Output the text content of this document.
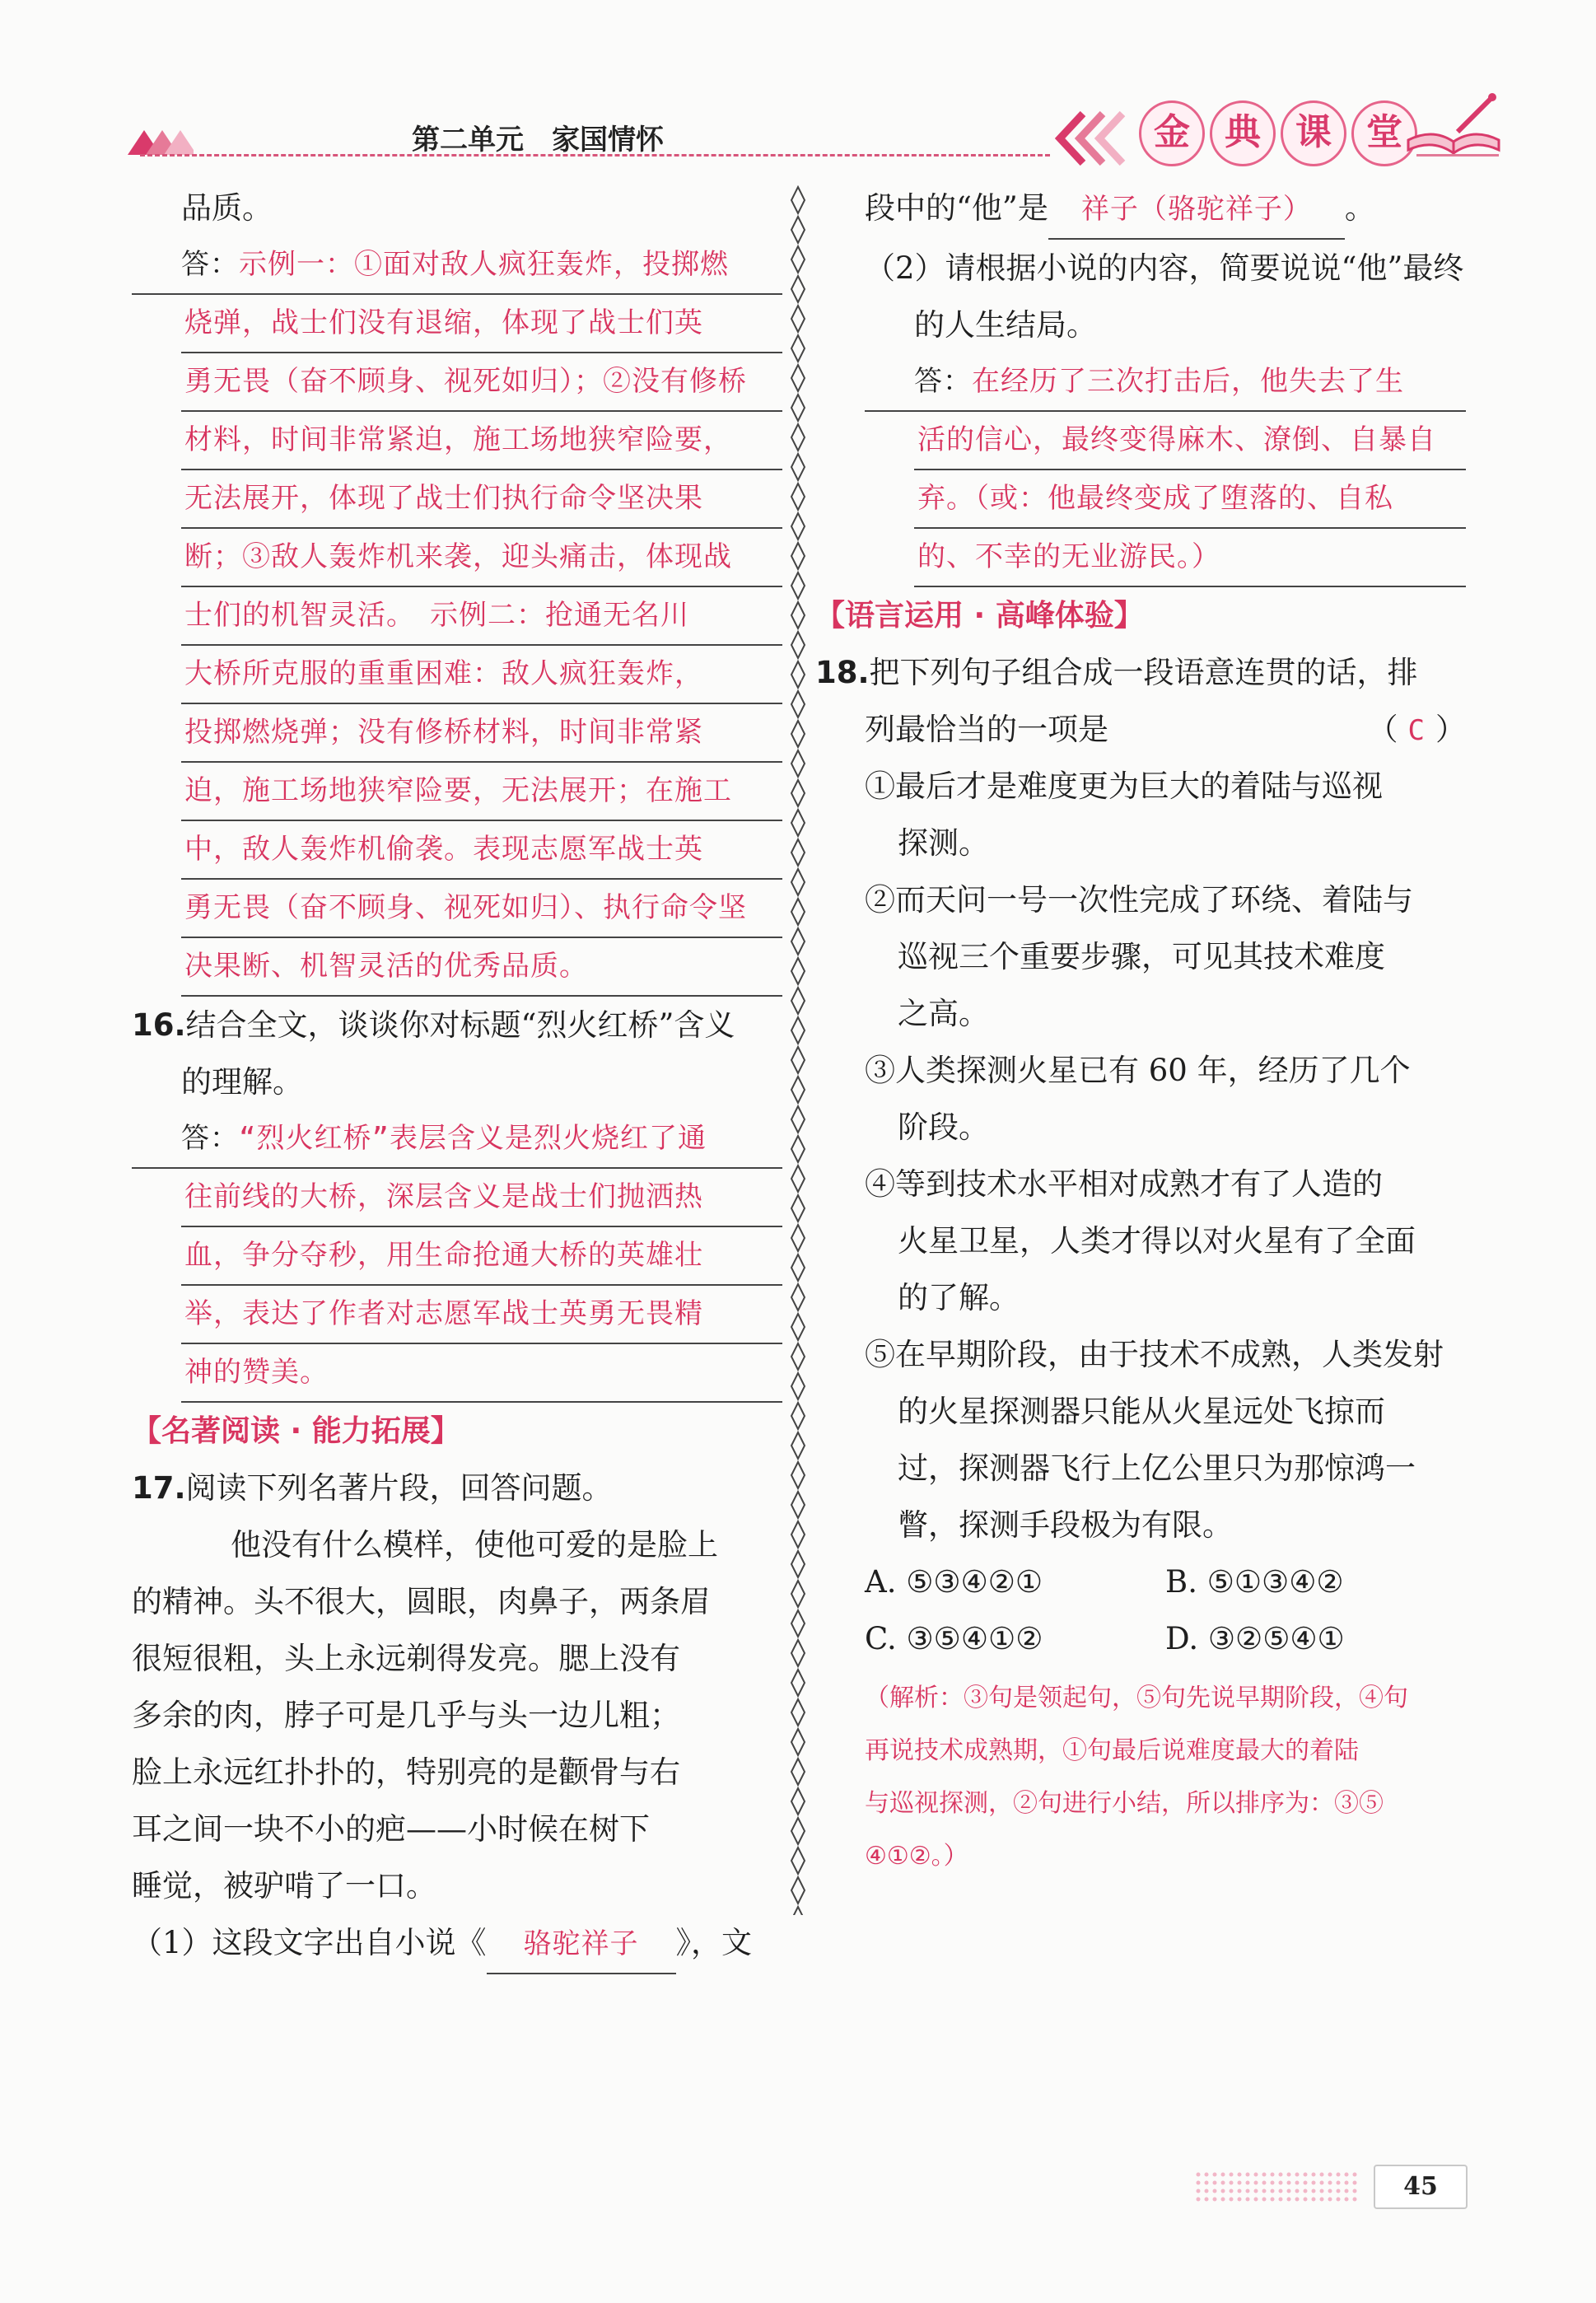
第二单元　家国情怀	金 典 课 堂

品质。

答：示例一：①面对敌人疯狂轰炸，投掷燃
烧弹，战士们没有退缩，体现了战士们英
勇无畏（奋不顾身、视死如归）；②没有修桥
材料，时间非常紧迫，施工场地狭窄险要，
无法展开，体现了战士们执行命令坚决果
断；③敌人轰炸机来袭，迎头痛击，体现战
士们的机智灵活。　示例二：抢通无名川
大桥所克服的重重困难：敌人疯狂轰炸，
投掷燃烧弹；没有修桥材料，时间非常紧
迫，施工场地狭窄险要，无法展开；在施工
中，敌人轰炸机偷袭。表现志愿军战士英
勇无畏（奋不顾身、视死如归）、执行命令坚
决果断、机智灵活的优秀品质。

16.结合全文，谈谈你对标题“烈火红桥”含义

的理解。

答：“烈火红桥”表层含义是烈火烧红了通
往前线的大桥，深层含义是战士们抛洒热
血，争分夺秒，用生命抢通大桥的英雄壮
举，表达了作者对志愿军战士英勇无畏精
神的赞美。

【名著阅读 · 能力拓展】

17.阅读下列名著片段，回答问题。

他没有什么模样，使他可爱的是脸上

的精神。头不很大，圆眼，肉鼻子，两条眉

很短很粗，头上永远剃得发亮。腮上没有

多余的肉，脖子可是几乎与头一边儿粗；

脸上永远红扑扑的，特别亮的是颧骨与右

耳之间一块不小的疤——小时候在树下

睡觉，被驴啃了一口。

（1）这段文字出自小说《 骆驼祥子 》，文

段中的“他”是 祥子（骆驼祥子） 。

（2）请根据小说的内容，简要说说“他”最终

的人生结局。

答：在经历了三次打击后，他失去了生
活的信心，最终变得麻木、潦倒、自暴自
弃。（或：他最终变成了堕落的、自私
的、不幸的无业游民。）

【语言运用 · 高峰体验】

18.把下列句子组合成一段语意连贯的话，排

列最恰当的一项是	（ C ）

①最后才是难度更为巨大的着陆与巡视

探测。

②而天问一号一次性完成了环绕、着陆与

巡视三个重要步骤，可见其技术难度

之高。

③人类探测火星已有 60 年，经历了几个

阶段。

④等到技术水平相对成熟才有了人造的

火星卫星，人类才得以对火星有了全面

的了解。

⑤在早期阶段，由于技术不成熟，人类发射

的火星探测器只能从火星远处飞掠而

过，探测器飞行上亿公里只为那惊鸿一

瞥，探测手段极为有限。

A. ⑤③④②①	B. ⑤①③④②
C. ③⑤④①②	D. ③②⑤④①

（解析：③句是领起句，⑤句先说早期阶段，④句

再说技术成熟期，①句最后说难度最大的着陆

与巡视探测，②句进行小结，所以排序为：③⑤

④①②。）

45
